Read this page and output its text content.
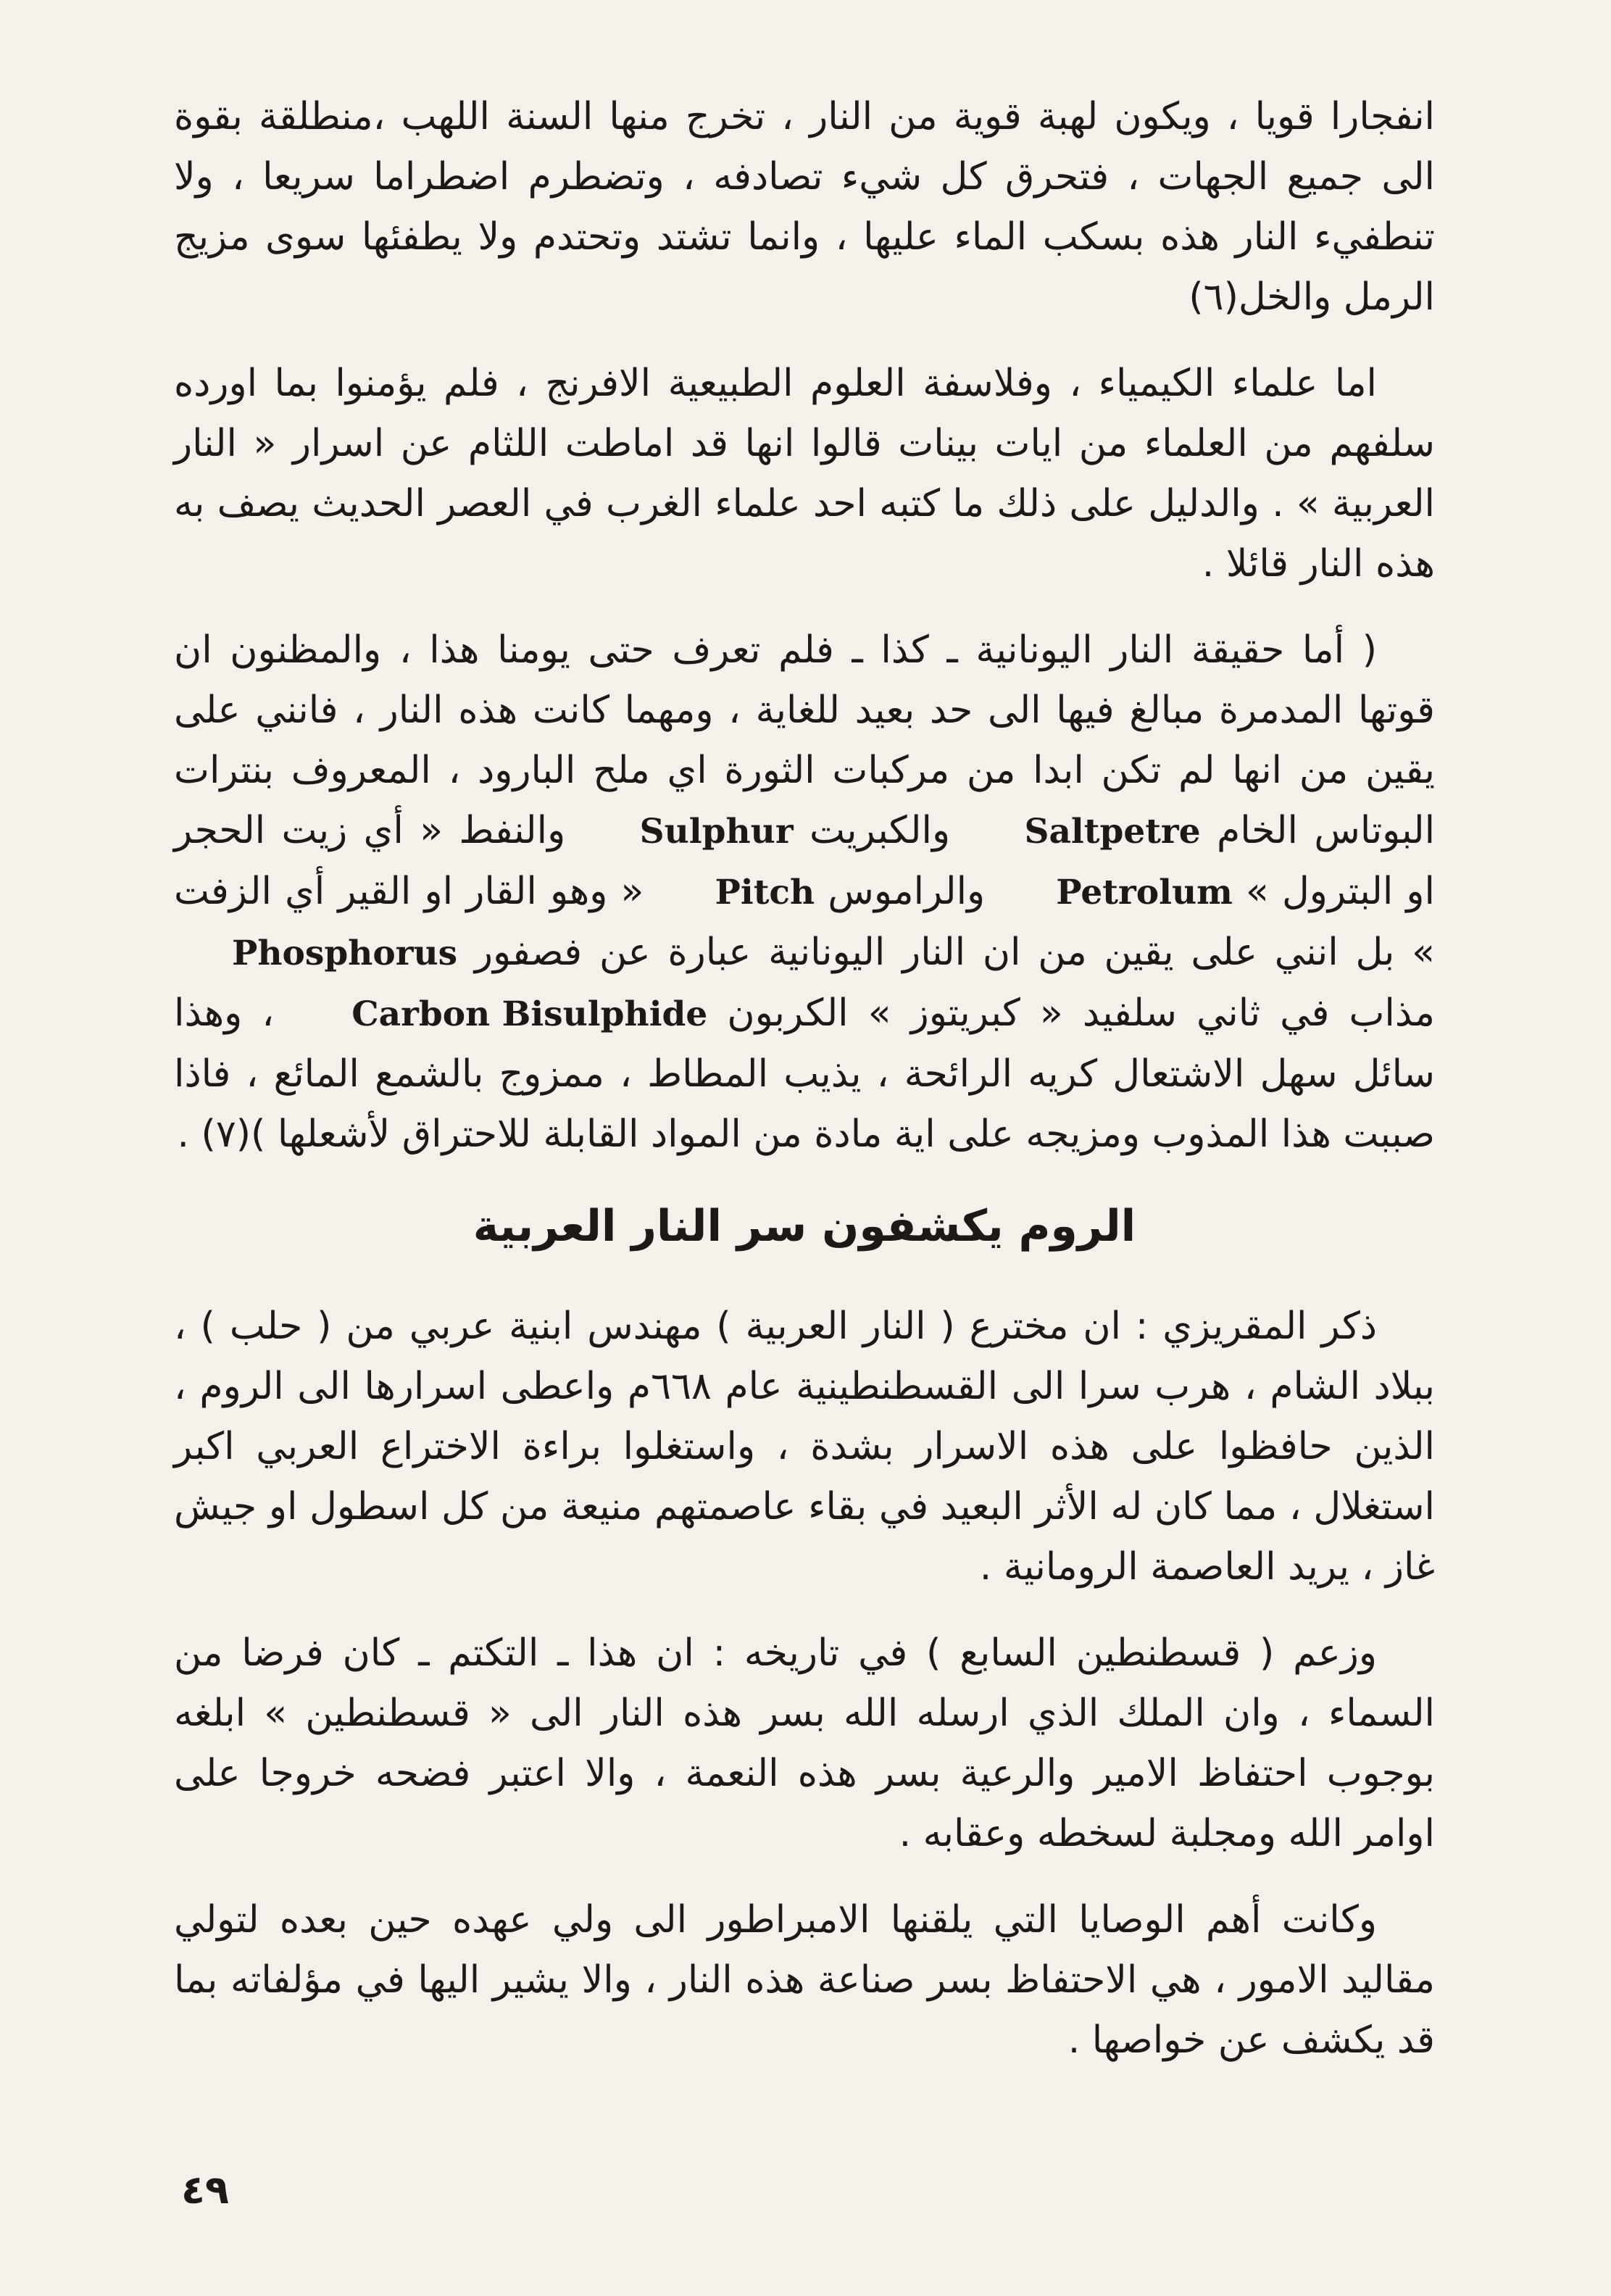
انفجارا قويا ، ويكون لهبة قوية من النار ، تخرج منها السنة اللهب ،منطلقة بقوة الى جميع الجهات ، فتحرق كل شيء تصادفه ، وتضطرم اضطراما سريعا ، ولا تنطفيء النار هذه بسكب الماء عليها ، وانما تشتد وتحتدم ولا يطفئها سوى مزيج الرمل والخل(٦)

اما علماء الكيمياء ، وفلاسفة العلوم الطبيعية الافرنج ، فلم يؤمنوا بما اورده سلفهم من العلماء من ايات بينات قالوا انها قد اماطت اللثام عن اسرار « النار العربية » . والدليل على ذلك ما كتبه احد علماء الغرب في العصر الحديث يصف به هذه النار قائلا .

( أما حقيقة النار اليونانية ـ كذا ـ فلم تعرف حتى يومنا هذا ، والمظنون ان قوتها المدمرة مبالغ فيها الى حد بعيد للغاية ، ومهما كانت هذه النار ، فانني على يقين من انها لم تكن ابدا من مركبات الثورة اي ملح البارود ، المعروف بنترات البوتاس الخام Saltpetre والكبريت Sulphur والنفط « أي زيت الحجر او البترول » Petrolum والراموس Pitch « وهو القار او القير أي الزفت » بل انني على يقين من ان النار اليونانية عبارة عن فصفور Phosphorus مذاب في ثاني سلفيد « كبريتوز » الكربون Carbon Bisulphide ، وهذا سائل سهل الاشتعال كريه الرائحة ، يذيب المطاط ، ممزوج بالشمع المائع ، فاذا صببت هذا المذوب ومزيجه على اية مادة من المواد القابلة للاحتراق لأشعلها )(٧) .

الروم يكشفون سر النار العربية

ذكر المقريزي : ان مخترع ( النار العربية ) مهندس ابنية عربي من ( حلب ) ، ببلاد الشام ، هرب سرا الى القسطنطينية عام ٦٦٨م واعطى اسرارها الى الروم ، الذين حافظوا على هذه الاسرار بشدة ، واستغلوا براءة الاختراع العربي اكبر استغلال ، مما كان له الأثر البعيد في بقاء عاصمتهم منيعة من كل اسطول او جيش غاز ، يريد العاصمة الرومانية .

وزعم ( قسطنطين السابع ) في تاريخه : ان هذا ـ التكتم ـ كان فرضا من السماء ، وان الملك الذي ارسله الله بسر هذه النار الى « قسطنطين » ابلغه بوجوب احتفاظ الامير والرعية بسر هذه النعمة ، والا اعتبر فضحه خروجا على اوامر الله ومجلبة لسخطه وعقابه .

وكانت أهم الوصايا التي يلقنها الامبراطور الى ولي عهده حين بعده لتولي مقاليد الامور ، هي الاحتفاظ بسر صناعة هذه النار ، والا يشير اليها في مؤلفاته بما قد يكشف عن خواصها .

٤٩
